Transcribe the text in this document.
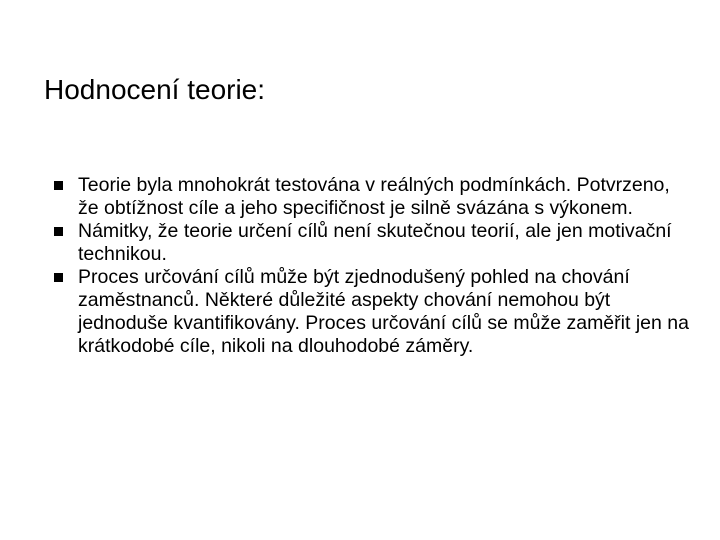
Hodnocení teorie:
Teorie byla mnohokrát testována v reálných podmínkách. Potvrzeno, že obtížnost cíle a jeho specifičnost je silně svázána s výkonem.
Námitky, že teorie určení cílů není skutečnou teorií, ale jen motivační technikou.
Proces určování cílů může být zjednodušený pohled na chování zaměstnanců. Některé důležité aspekty chování nemohou být jednoduše kvantifikovány. Proces určování cílů se může zaměřit jen na krátkodobé cíle, nikoli na dlouhodobé záměry.
